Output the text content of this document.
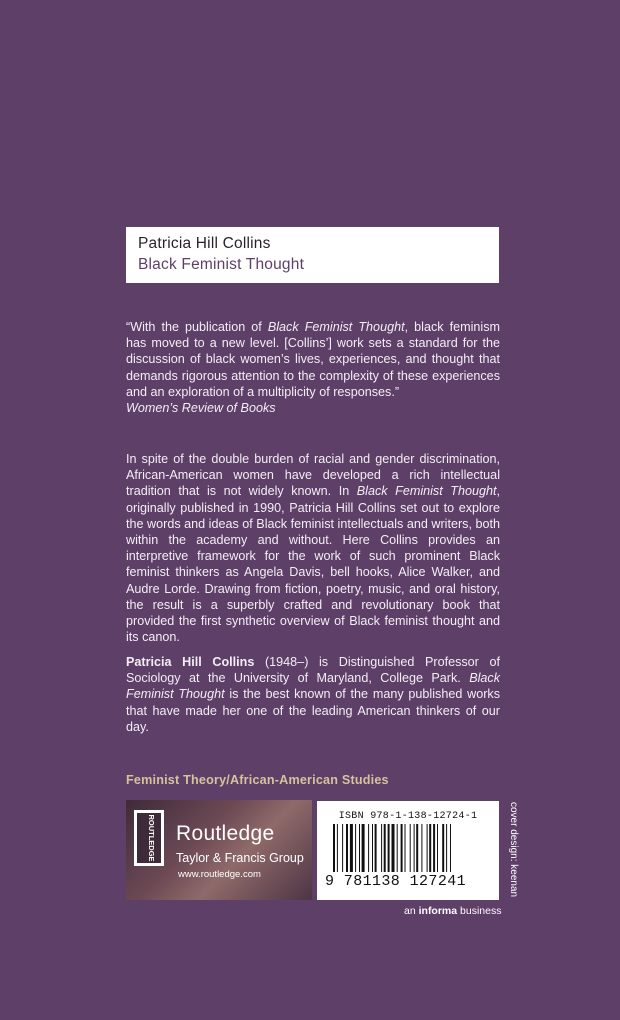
Patricia Hill Collins
Black Feminist Thought
“With the publication of Black Feminist Thought, black feminism has moved to a new level. [Collins’] work sets a standard for the discussion of black women’s lives, experiences, and thought that demands rigorous attention to the complexity of these experiences and an exploration of a multiplicity of responses.”
Women’s Review of Books
In spite of the double burden of racial and gender discrimination, African-American women have developed a rich intellectual tradition that is not widely known. In Black Feminist Thought, originally published in 1990, Patricia Hill Collins set out to explore the words and ideas of Black feminist intellectuals and writers, both within the academy and without. Here Collins provides an interpretive framework for the work of such prominent Black feminist thinkers as Angela Davis, bell hooks, Alice Walker, and Audre Lorde. Drawing from fiction, poetry, music, and oral history, the result is a superbly crafted and revolutionary book that provided the first synthetic overview of Black feminist thought and its canon.
Patricia Hill Collins (1948–) is Distinguished Professor of Sociology at the University of Maryland, College Park. Black Feminist Thought is the best known of the many published works that have made her one of the leading American thinkers of our day.
Feminist Theory/African-American Studies
ROUTLEDGE Routledge
Taylor & Francis Group
www.routledge.com
ISBN 978-1-138-12724-1
9 781138 127241	cover design: keenan
an informa business
